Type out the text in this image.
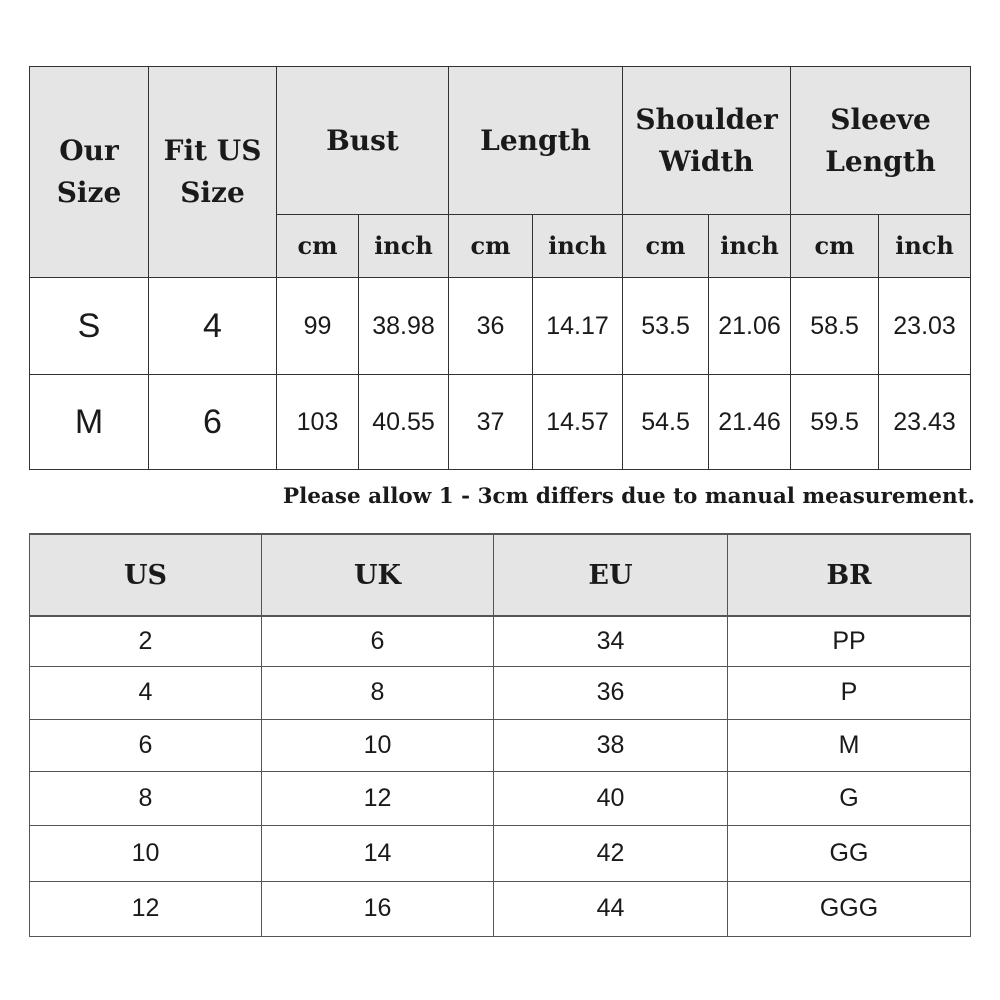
Our Size	Fit US Size	Bust		Length		Shoulder Width		Sleeve Length	
		cm	inch	cm	inch	cm	inch	cm	inch
S	4	99	38.98	36	14.17	53.5	21.06	58.5	23.03
M	6	103	40.55	37	14.57	54.5	21.46	59.5	23.43
Please allow 1 - 3cm differs due to manual measurement.
US	UK	EU	BR
2	6	34	PP
4	8	36	P
6	10	38	M
8	12	40	G
10	14	42	GG
12	16	44	GGG
